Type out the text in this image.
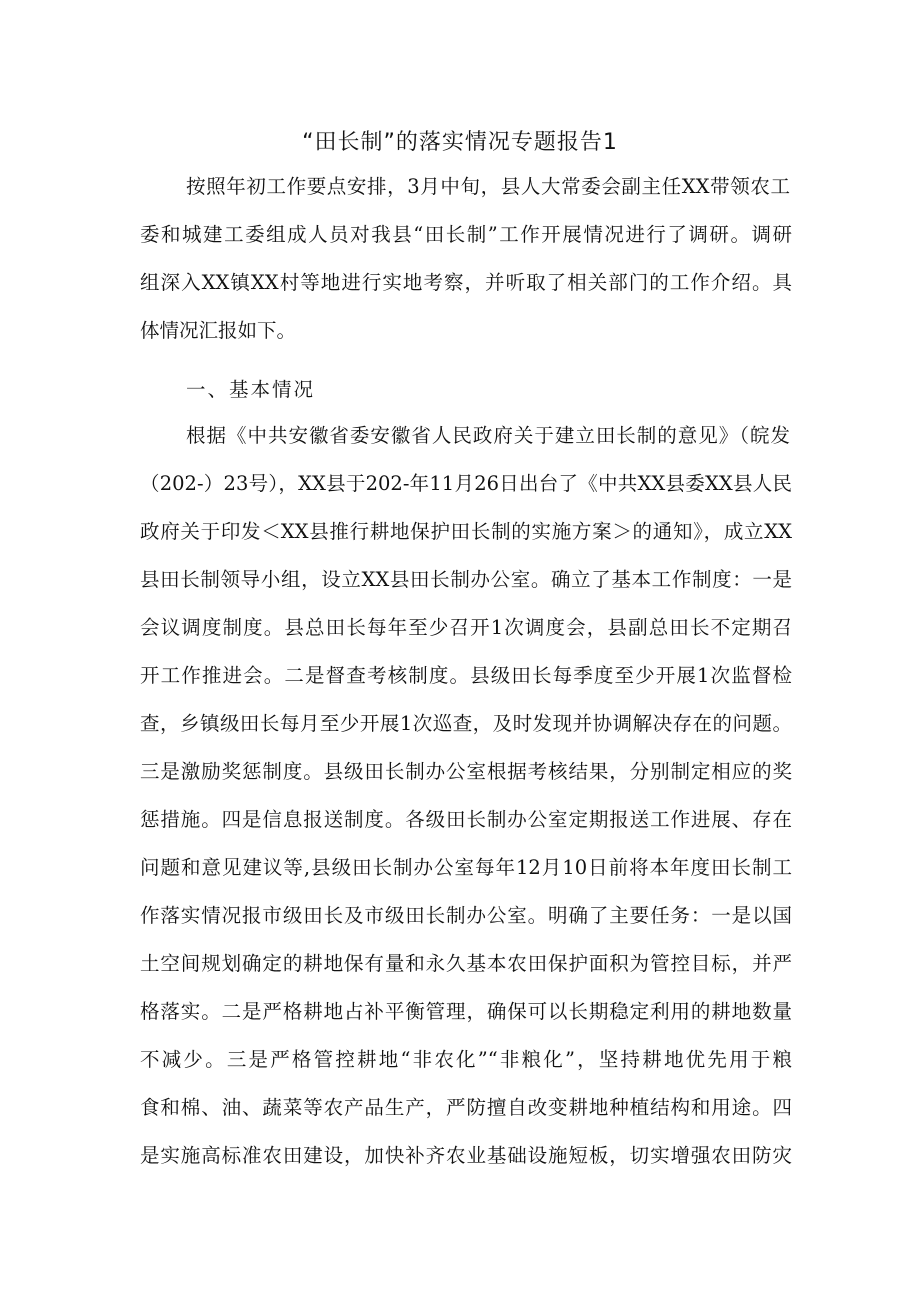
“田长制”的落实情况专题报告1

按照年初工作要点安排，3月中旬，县人大常委会副主任XX带领农工

委和城建工委组成人员对我县“田长制”工作开展情况进行了调研。调研

组深入XX镇XX村等地进行实地考察，并听取了相关部门的工作介绍。具

体情况汇报如下。

一、基本情况

根据《中共安徽省委安徽省人民政府关于建立田长制的意见》（皖发

（202-）23号），XX县于202-年11月26日出台了《中共XX县委XX县人民

政府关于印发＜XX县推行耕地保护田长制的实施方案＞的通知》，成立XX

县田长制领导小组，设立XX县田长制办公室。确立了基本工作制度：一是

会议调度制度。县总田长每年至少召开1次调度会，县副总田长不定期召

开工作推进会。二是督查考核制度。县级田长每季度至少开展1次监督检

查，乡镇级田长每月至少开展1次巡查，及时发现并协调解决存在的问题。

三是激励奖惩制度。县级田长制办公室根据考核结果，分别制定相应的奖

惩措施。四是信息报送制度。各级田长制办公室定期报送工作进展、存在

问题和意见建议等,县级田长制办公室每年12月10日前将本年度田长制工

作落实情况报市级田长及市级田长制办公室。明确了主要任务：一是以国

土空间规划确定的耕地保有量和永久基本农田保护面积为管控目标，并严

格落实。二是严格耕地占补平衡管理，确保可以长期稳定利用的耕地数量

不减少。三是严格管控耕地“非农化”“非粮化”，坚持耕地优先用于粮

食和棉、油、蔬菜等农产品生产，严防擅自改变耕地种植结构和用途。四

是实施高标准农田建设，加快补齐农业基础设施短板，切实增强农田防灾
